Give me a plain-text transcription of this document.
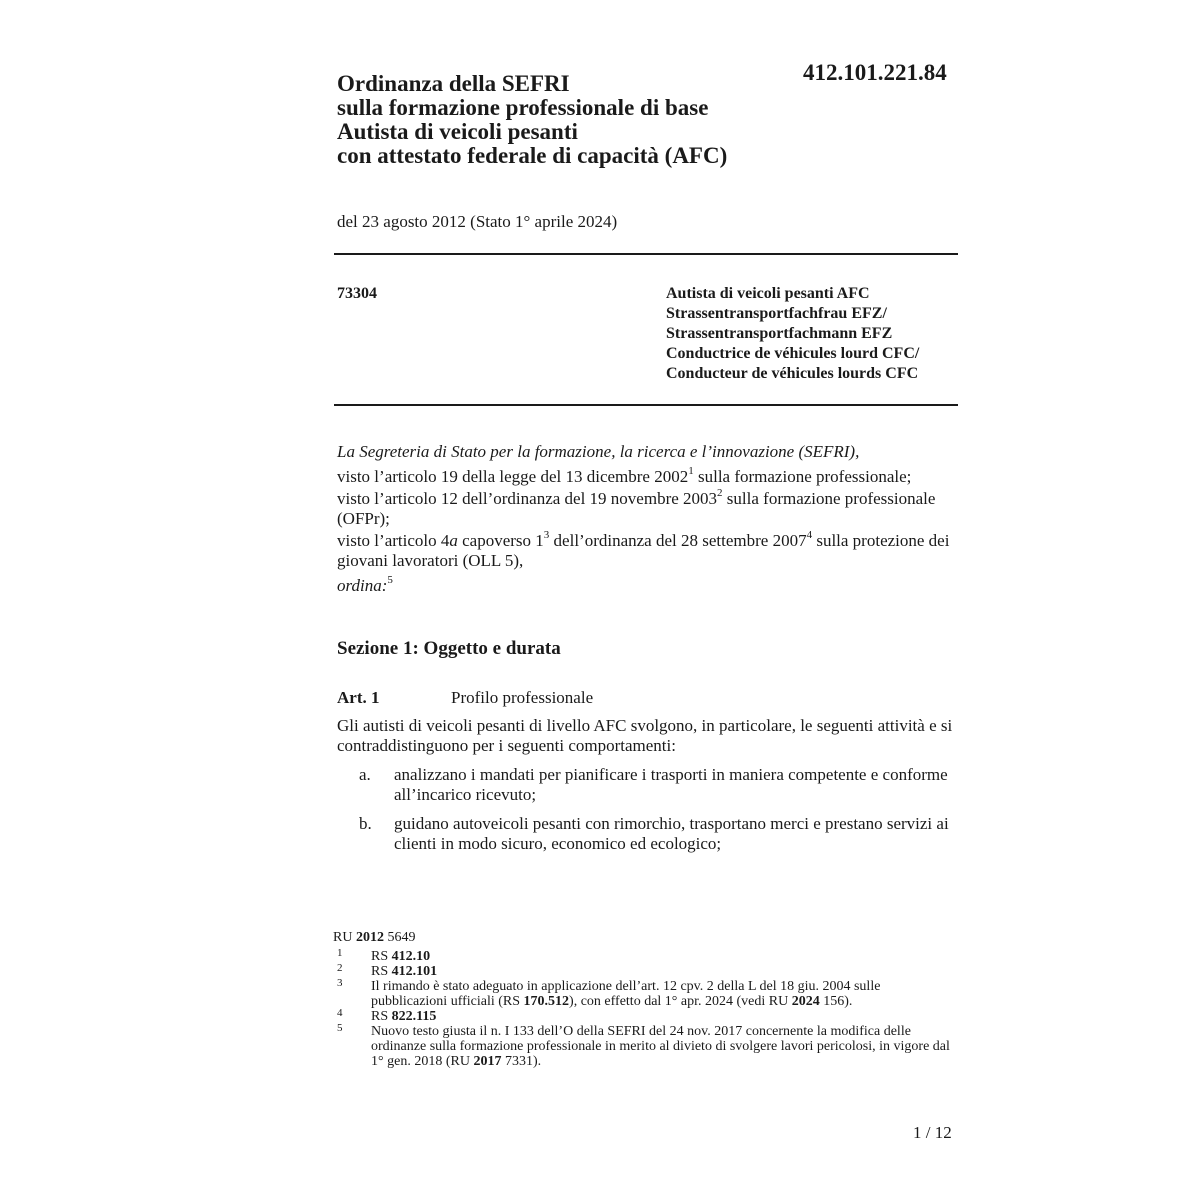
412.101.221.84
Ordinanza della SEFRI
sulla formazione professionale di base
Autista di veicoli pesanti
con attestato federale di capacità (AFC)
del 23 agosto 2012 (Stato 1° aprile 2024)
73304	Autista di veicoli pesanti AFC
Strassentransportfachfrau EFZ/
Strassentransportfachmann EFZ
Conductrice de véhicules lourd CFC/
Conducteur de véhicules lourds CFC
La Segreteria di Stato per la formazione, la ricerca e l’innovazione (SEFRI),
visto l’articolo 19 della legge del 13 dicembre 2002$^1$ sulla formazione professionale;
visto l’articolo 12 dell’ordinanza del 19 novembre 2003$^2$ sulla formazione professionale (OFPr);
visto l’articolo 4a capoverso $1^3$ dell’ordinanza del 28 settembre 2007$^4$ sulla protezione dei giovani lavoratori (OLL 5),
ordina:$^5$
Sezione 1: Oggetto e durata
Art. 1	Profilo professionale
Gli autisti di veicoli pesanti di livello AFC svolgono, in particolare, le seguenti attività e si contraddistinguono per i seguenti comportamenti:
a. analizzano i mandati per pianificare i trasporti in maniera competente e conforme all’incarico ricevuto;
b. guidano autoveicoli pesanti con rimorchio, trasportano merci e prestano servizi ai clienti in modo sicuro, economico ed ecologico;
RU 2012 5649
1 RS 412.10
2 RS 412.101
3 Il rimando è stato adeguato in applicazione dell’art. 12 cpv. 2 della L del 18 giu. 2004 sulle pubblicazioni ufficiali (RS 170.512), con effetto dal 1° apr. 2024 (vedi RU 2024 156).
4 RS 822.115
5 Nuovo testo giusta il n. I 133 dell’O della SEFRI del 24 nov. 2017 concernente la modifica delle ordinanze sulla formazione professionale in merito al divieto di svolgere lavori pericolosi, in vigore dal 1° gen. 2018 (RU 2017 7331).
1 / 12
